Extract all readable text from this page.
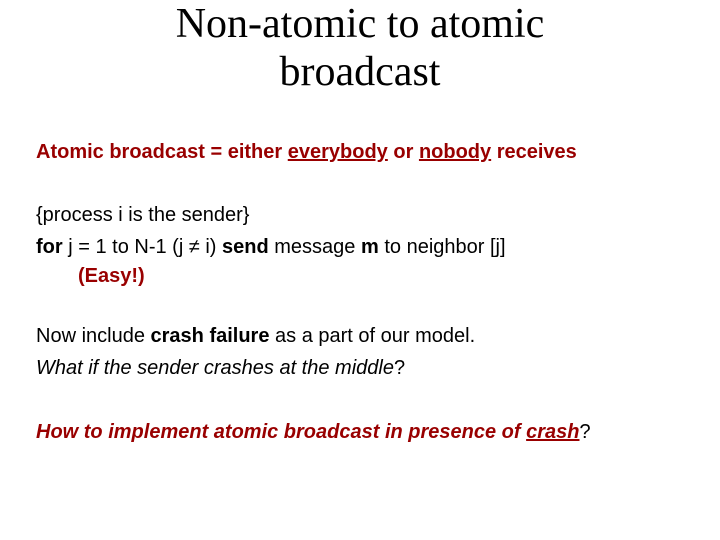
Non-atomic to atomic
broadcast

Atomic broadcast = either everybody or nobody receives

{process i is the sender}

for j = 1 to N-1 (j ≠ i) send message m to neighbor [j]

(Easy!)

Now include crash failure as a part of our model.

What if the sender crashes at the middle?

How to implement atomic broadcast in presence of crash?
